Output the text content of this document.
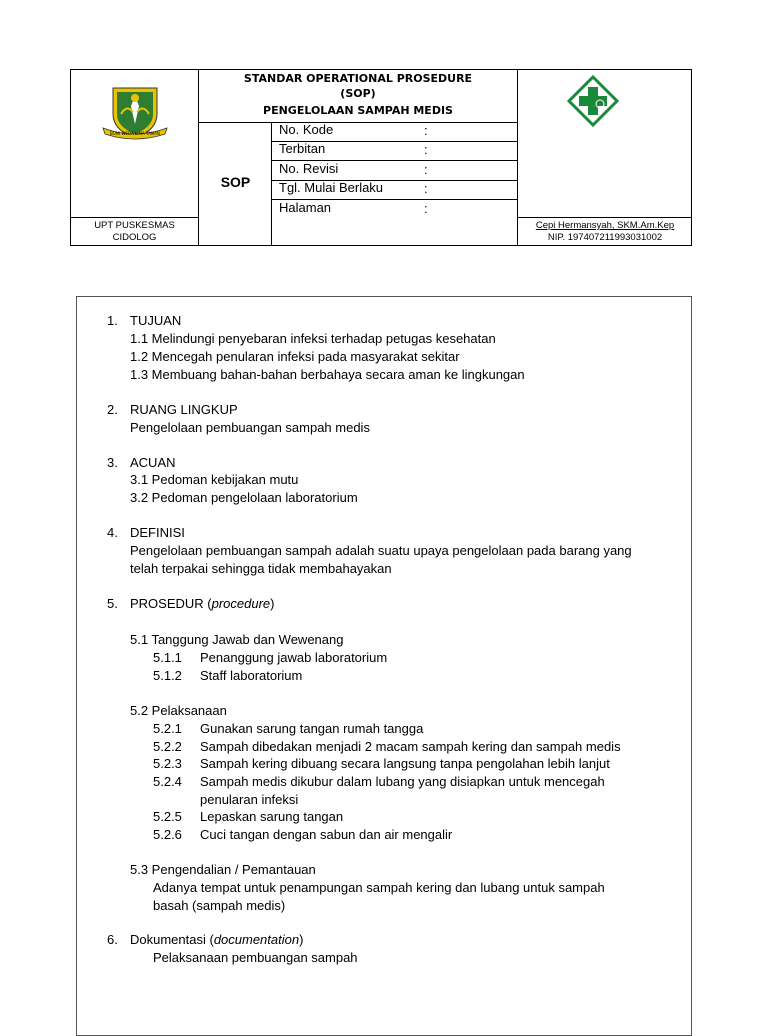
BUMI WEDA LIMA TAMAN
STANDAR OPERATIONAL PROSEDURE
(SOP)
PENGELOLAAN SAMPAH MEDIS
SOP
No. Kode	:
Terbitan	:
No. Revisi	:
Tgl. Mulai Berlaku	:
Halaman	:
UPT PUSKESMAS
CIDOLOG
Cepi Hermansyah, SKM.Am.Kep
NIP. 197407211993031002
1. TUJUAN
1.1 Melindungi penyebaran infeksi terhadap petugas kesehatan
1.2 Mencegah penularan infeksi pada masyarakat sekitar
1.3 Membuang bahan-bahan berbahaya secara aman ke lingkungan
2. RUANG LINGKUP
Pengelolaan pembuangan sampah medis
3. ACUAN
3.1 Pedoman kebijakan mutu
3.2 Pedoman pengelolaan laboratorium
4. DEFINISI
Pengelolaan pembuangan sampah adalah suatu upaya pengelolaan pada barang yang
telah terpakai sehingga tidak membahayakan
5. PROSEDUR (procedure)
5.1 Tanggung Jawab dan Wewenang
5.1.1 Penanggung jawab laboratorium
5.1.2 Staff laboratorium
5.2 Pelaksanaan
5.2.1 Gunakan sarung tangan rumah tangga
5.2.2 Sampah dibedakan menjadi 2 macam sampah kering dan sampah medis
5.2.3 Sampah kering dibuang secara langsung tanpa pengolahan lebih lanjut
5.2.4 Sampah medis dikubur dalam lubang yang disiapkan untuk mencegah
penularan infeksi
5.2.5 Lepaskan sarung tangan
5.2.6 Cuci tangan dengan sabun dan air mengalir
5.3 Pengendalian / Pemantauan
Adanya tempat untuk penampungan sampah kering dan lubang untuk sampah
basah (sampah medis)
6. Dokumentasi (documentation)
Pelaksanaan pembuangan sampah
